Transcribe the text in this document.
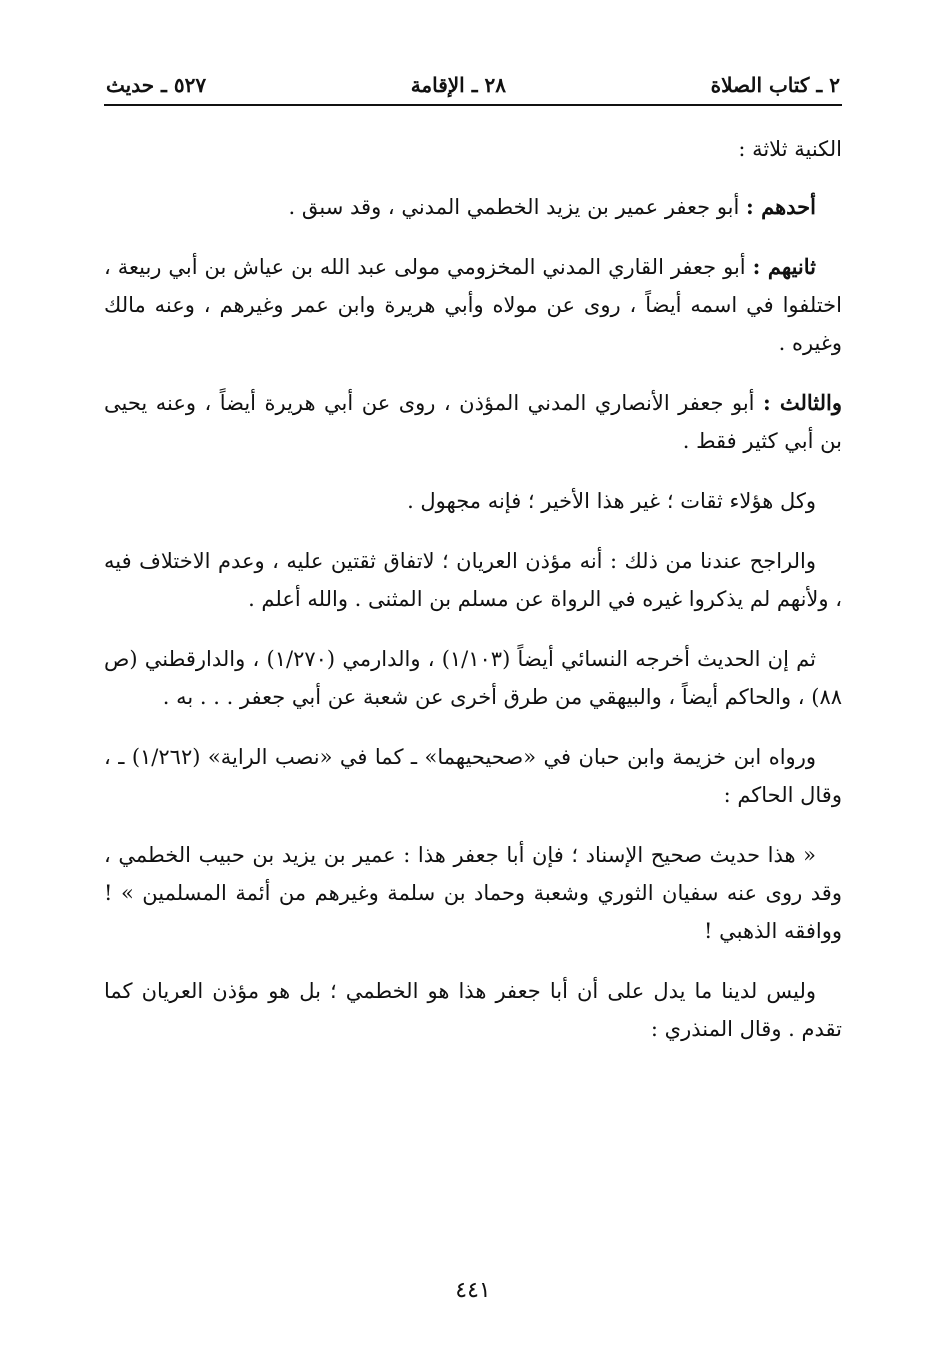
٢ ـ كتاب الصلاة
٢٨ ـ الإقامة
٥٢٧ ـ حديث

الكنية ثلاثة :

أحدهم : أبو جعفر عمير بن يزيد الخطمي المدني ، وقد سبق .

ثانيهم : أبو جعفر القاري المدني المخزومي مولى عبد الله بن عياش بن أبي ربيعة ، اختلفوا في اسمه أيضاً ، روى عن مولاه وأبي هريرة وابن عمر وغيرهم ، وعنه مالك وغيره .

والثالث : أبو جعفر الأنصاري المدني المؤذن ، روى عن أبي هريرة أيضاً ، وعنه يحيى بن أبي كثير فقط .

وكل هؤلاء ثقات ؛ غير هذا الأخير ؛ فإنه مجهول .

والراجح عندنا من ذلك : أنه مؤذن العريان ؛ لاتفاق ثقتين عليه ، وعدم الاختلاف فيه ، ولأنهم لم يذكروا غيره في الرواة عن مسلم بن المثنى . والله أعلم .

ثم إن الحديث أخرجه النسائي أيضاً (١/١٠٣) ، والدارمي (١/٢٧٠) ، والدارقطني (ص ٨٨) ، والحاكم أيضاً ، والبيهقي من طرق أخرى عن شعبة عن أبي جعفر . . . به .

ورواه ابن خزيمة وابن حبان في «صحيحيهما» ـ كما في «نصب الراية» (١/٢٦٢) ـ ، وقال الحاكم :

« هذا حديث صحيح الإسناد ؛ فإن أبا جعفر هذا : عمير بن يزيد بن حبيب الخطمي ، وقد روى عنه سفيان الثوري وشعبة وحماد بن سلمة وغيرهم من أئمة المسلمين » ! ووافقه الذهبي !

وليس لدينا ما يدل على أن أبا جعفر هذا هو الخطمي ؛ بل هو مؤذن العريان كما تقدم . وقال المنذري :

٤٤١
